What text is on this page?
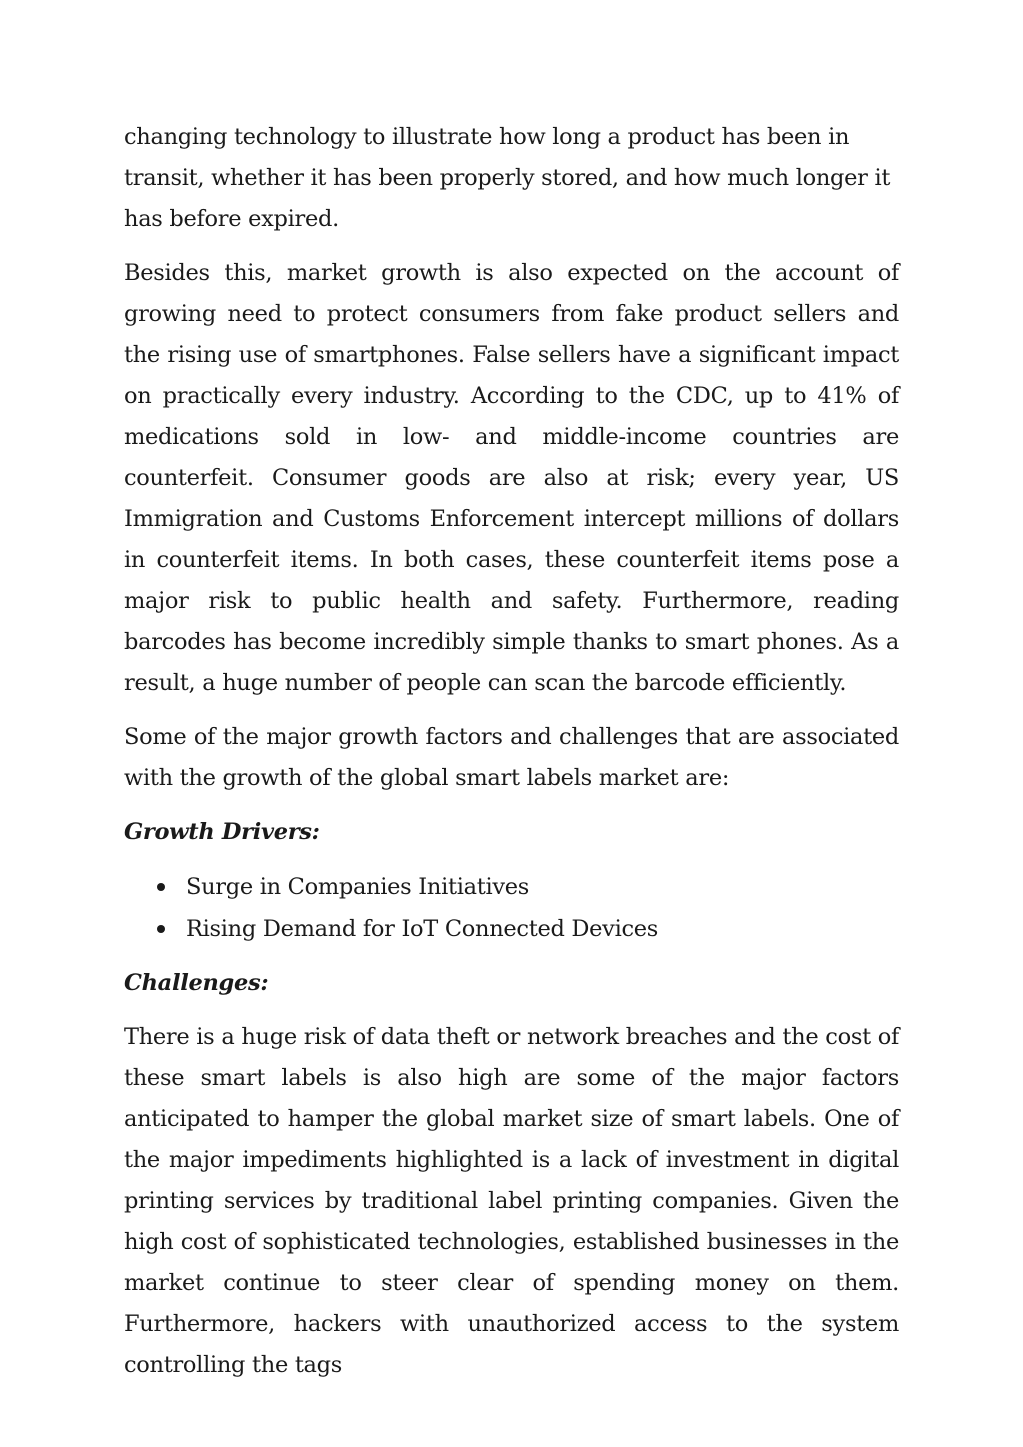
changing technology to illustrate how long a product has been in transit, whether it has been properly stored, and how much longer it has before expired.

Besides this, market growth is also expected on the account of growing need to protect consumers from fake product sellers and the rising use of smartphones. False sellers have a significant impact on practically every industry. According to the CDC, up to 41% of medications sold in low- and middle-income countries are counterfeit. Consumer goods are also at risk; every year, US Immigration and Customs Enforcement intercept millions of dollars in counterfeit items. In both cases, these counterfeit items pose a major risk to public health and safety. Furthermore, reading barcodes has become incredibly simple thanks to smart phones. As a result, a huge number of people can scan the barcode efficiently.

Some of the major growth factors and challenges that are associated with the growth of the global smart labels market are:

Growth Drivers:
Surge in Companies Initiatives
Rising Demand for IoT Connected Devices
Challenges:

There is a huge risk of data theft or network breaches and the cost of these smart labels is also high are some of the major factors anticipated to hamper the global market size of smart labels. One of the major impediments highlighted is a lack of investment in digital printing services by traditional label printing companies. Given the high cost of sophisticated technologies, established businesses in the market continue to steer clear of spending money on them. Furthermore, hackers with unauthorized access to the system controlling the tags
